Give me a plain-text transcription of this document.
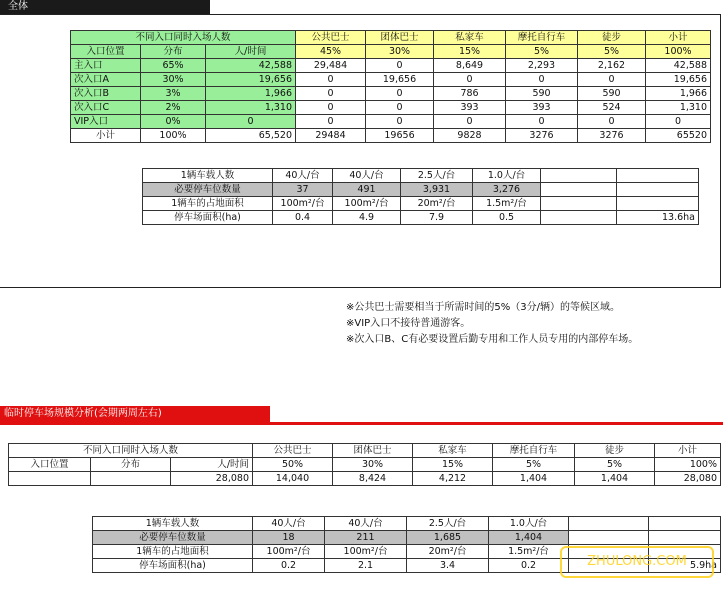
全体
不同入口同时入场人数			公共巴士	团体巴士	私家车	摩托自行车	徒步	小计
入口位置	分布	人/时间	45%	30%	15%	5%	5%	100%
主入口	65%	42,588	29,484	0	8,649	2,293	2,162	42,588
次入口A	30%	19,656	0	19,656	0	0	0	19,656
次入口B	3%	1,966	0	0	786	590	590	1,966
次入口C	2%	1,310	0	0	393	393	524	1,310
VIP入口	0%	0	0	0	0	0	0	0
小计	100%	65,520	29484	19656	9828	3276	3276	65520
1辆车载人数	40人/台	40人/台	2.5人/台	1.0人/台		
必要停车位数量	37	491	3,931	3,276		
1辆车的占地面积	100m²/台	100m²/台	20m²/台	1.5m²/台		
停车场面积(ha)	0.4	4.9	7.9	0.5		13.6ha
※公共巴士需要相当于所需时间的5%（3分/辆）的等候区域。
※VIP入口不接待普通游客。
※次入口B、C有必要设置后勤专用和工作人员专用的内部停车场。
临时停车场规模分析(会期两周左右)
不同入口同时入场人数			公共巴士	团体巴士	私家车	摩托自行车	徒步	小计
入口位置	分布	人/时间	50%	30%	15%	5%	5%	100%
		28,080	14,040	8,424	4,212	1,404	1,404	28,080
1辆车载人数	40人/台	40人/台	2.5人/台	1.0人/台		
必要停车位数量	18	211	1,685	1,404		
1辆车的占地面积	100m²/台	100m²/台	20m²/台	1.5m²/台		
停车场面积(ha)	0.2	2.1	3.4	0.2		5.9ha
ZHULONG.COM
